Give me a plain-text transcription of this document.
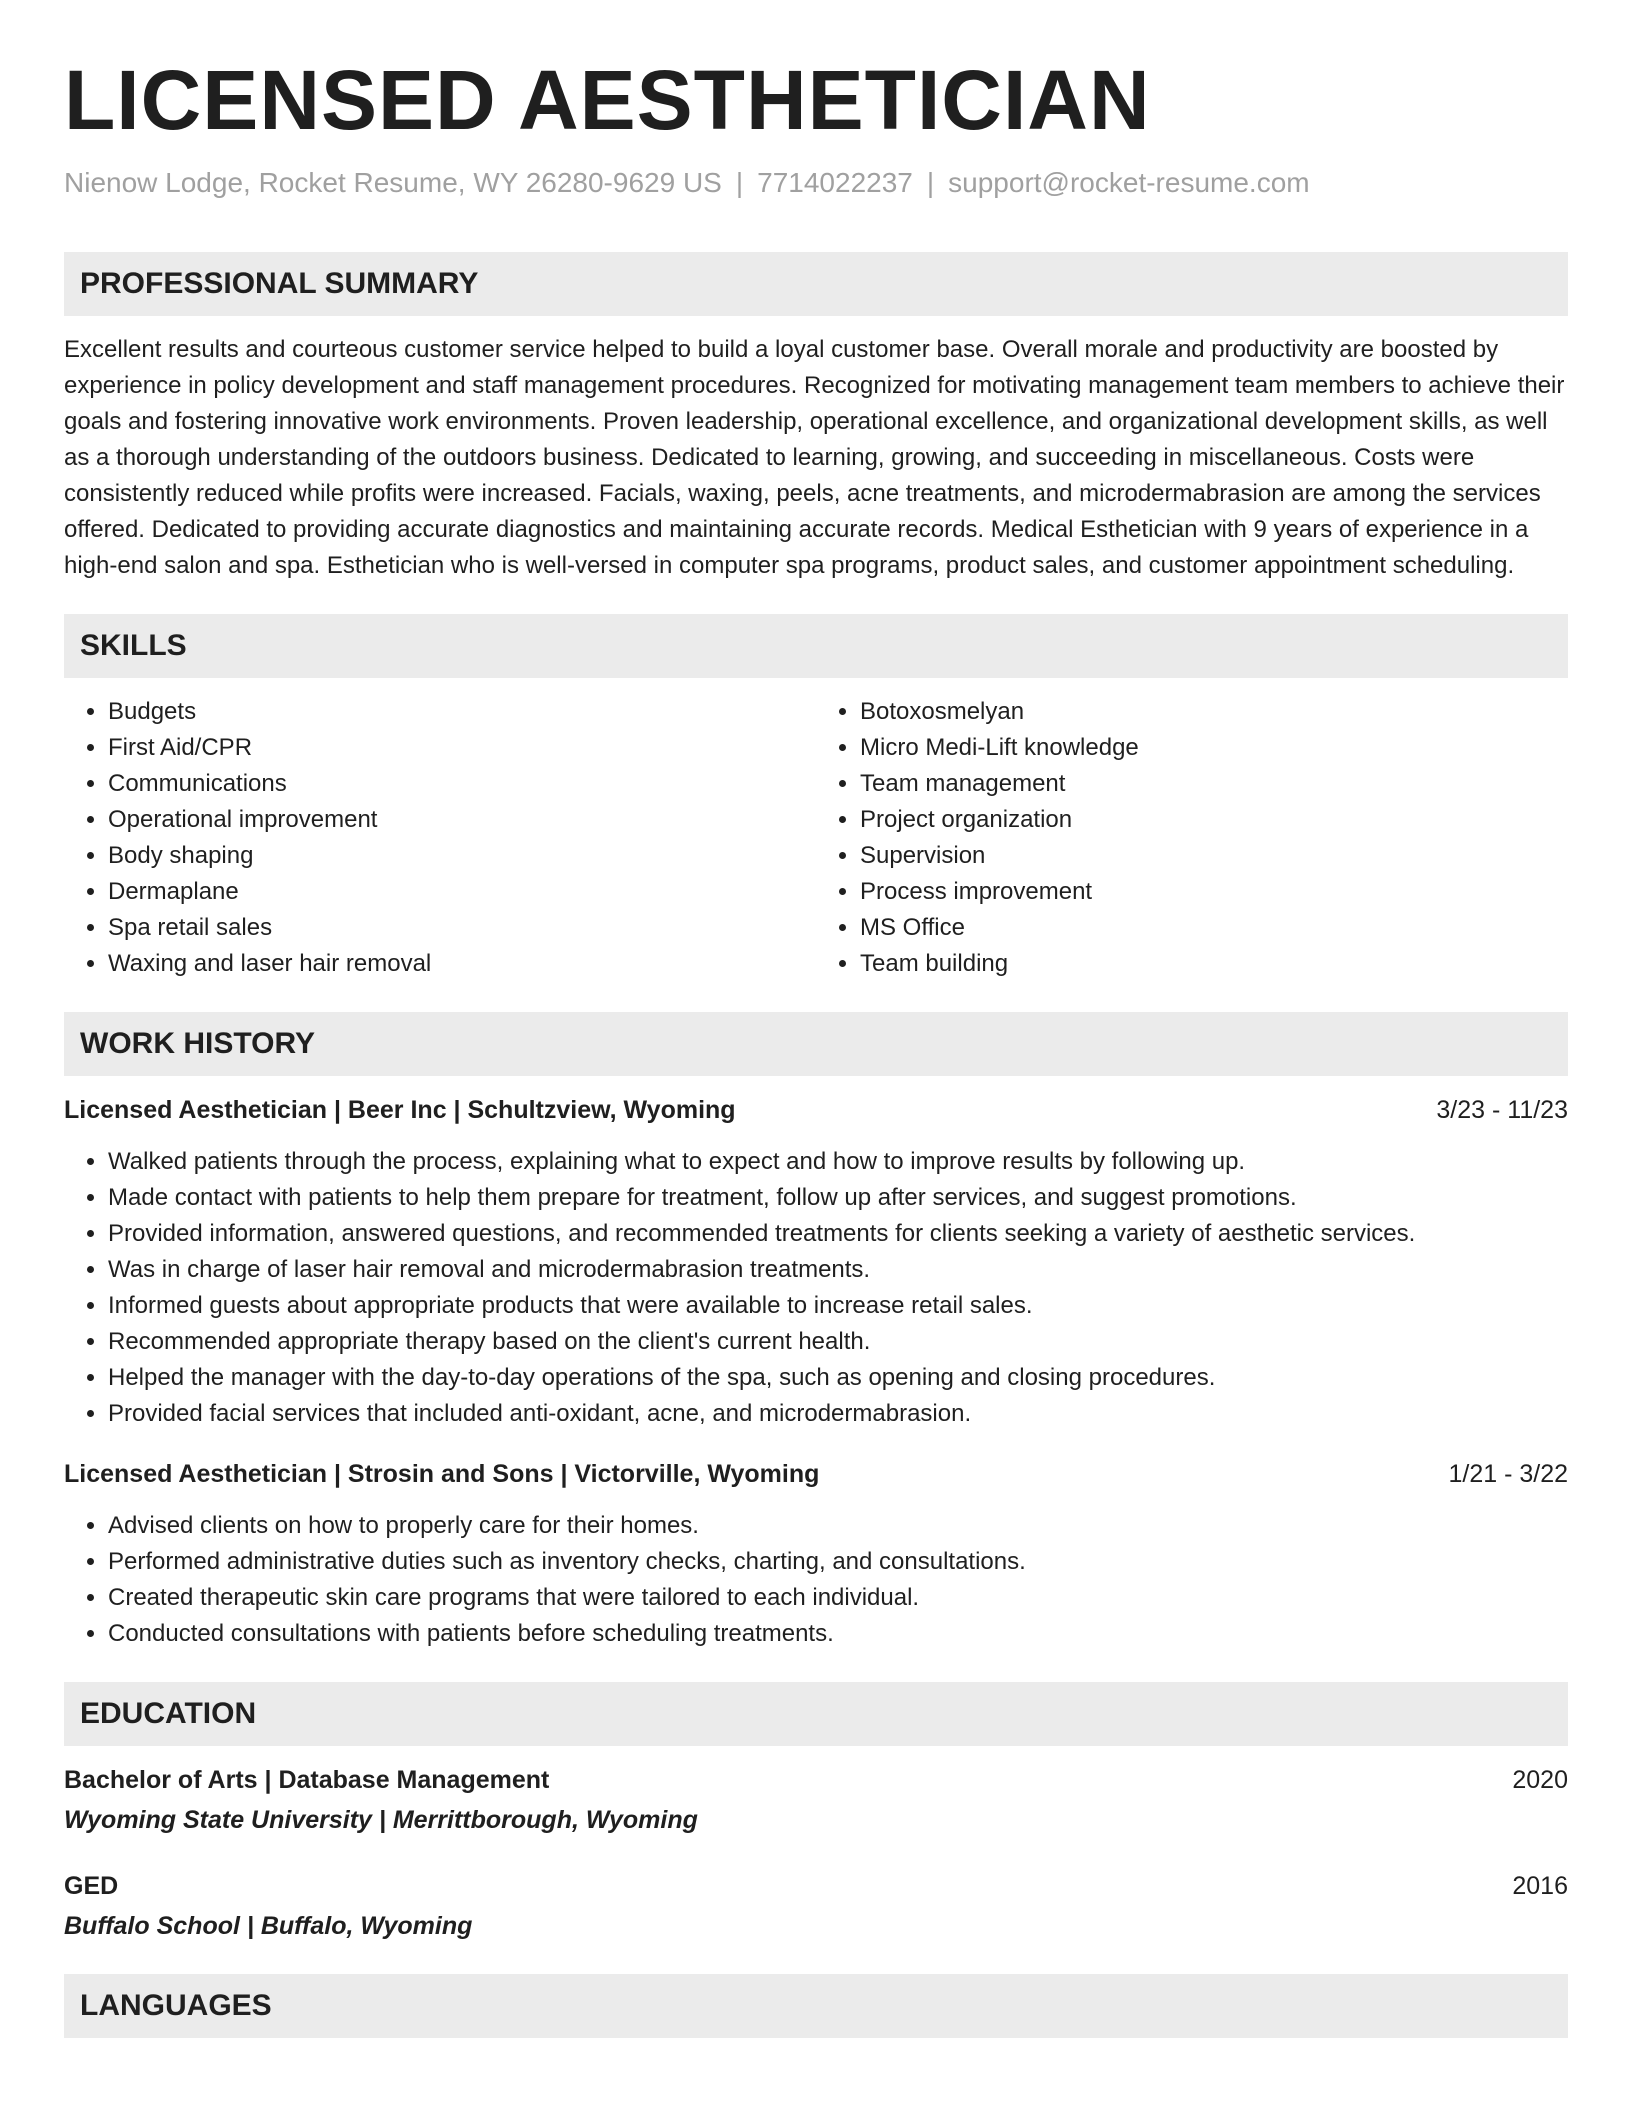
LICENSED AESTHETICIAN
Nienow Lodge, Rocket Resume, WY 26280-9629 US | 7714022237 | support@rocket-resume.com
PROFESSIONAL SUMMARY

Excellent results and courteous customer service helped to build a loyal customer base. Overall morale and productivity are boosted by experience in policy development and staff management procedures. Recognized for motivating management team members to achieve their goals and fostering innovative work environments. Proven leadership, operational excellence, and organizational development skills, as well as a thorough understanding of the outdoors business. Dedicated to learning, growing, and succeeding in miscellaneous. Costs were consistently reduced while profits were increased. Facials, waxing, peels, acne treatments, and microdermabrasion are among the services offered. Dedicated to providing accurate diagnostics and maintaining accurate records. Medical Esthetician with 9 years of experience in a high-end salon and spa. Esthetician who is well-versed in computer spa programs, product sales, and customer appointment scheduling.

SKILLS
• Budgets
• First Aid/CPR
• Communications
• Operational improvement
• Body shaping
• Dermaplane
• Spa retail sales
• Waxing and laser hair removal
• Botoxosmelyan
• Micro Medi-Lift knowledge
• Team management
• Project organization
• Supervision
• Process improvement
• MS Office
• Team building
WORK HISTORY
Licensed Aesthetician | Beer Inc | Schultzview, Wyoming	3/23 - 11/23
• Walked patients through the process, explaining what to expect and how to improve results by following up.
• Made contact with patients to help them prepare for treatment, follow up after services, and suggest promotions.
• Provided information, answered questions, and recommended treatments for clients seeking a variety of aesthetic services.
• Was in charge of laser hair removal and microdermabrasion treatments.
• Informed guests about appropriate products that were available to increase retail sales.
• Recommended appropriate therapy based on the client's current health.
• Helped the manager with the day-to-day operations of the spa, such as opening and closing procedures.
• Provided facial services that included anti-oxidant, acne, and microdermabrasion.
Licensed Aesthetician | Strosin and Sons | Victorville, Wyoming	1/21 - 3/22
• Advised clients on how to properly care for their homes.
• Performed administrative duties such as inventory checks, charting, and consultations.
• Created therapeutic skin care programs that were tailored to each individual.
• Conducted consultations with patients before scheduling treatments.
EDUCATION
Bachelor of Arts | Database Management	2020
Wyoming State University | Merrittborough, Wyoming
GED	2016
Buffalo School | Buffalo, Wyoming
LANGUAGES
